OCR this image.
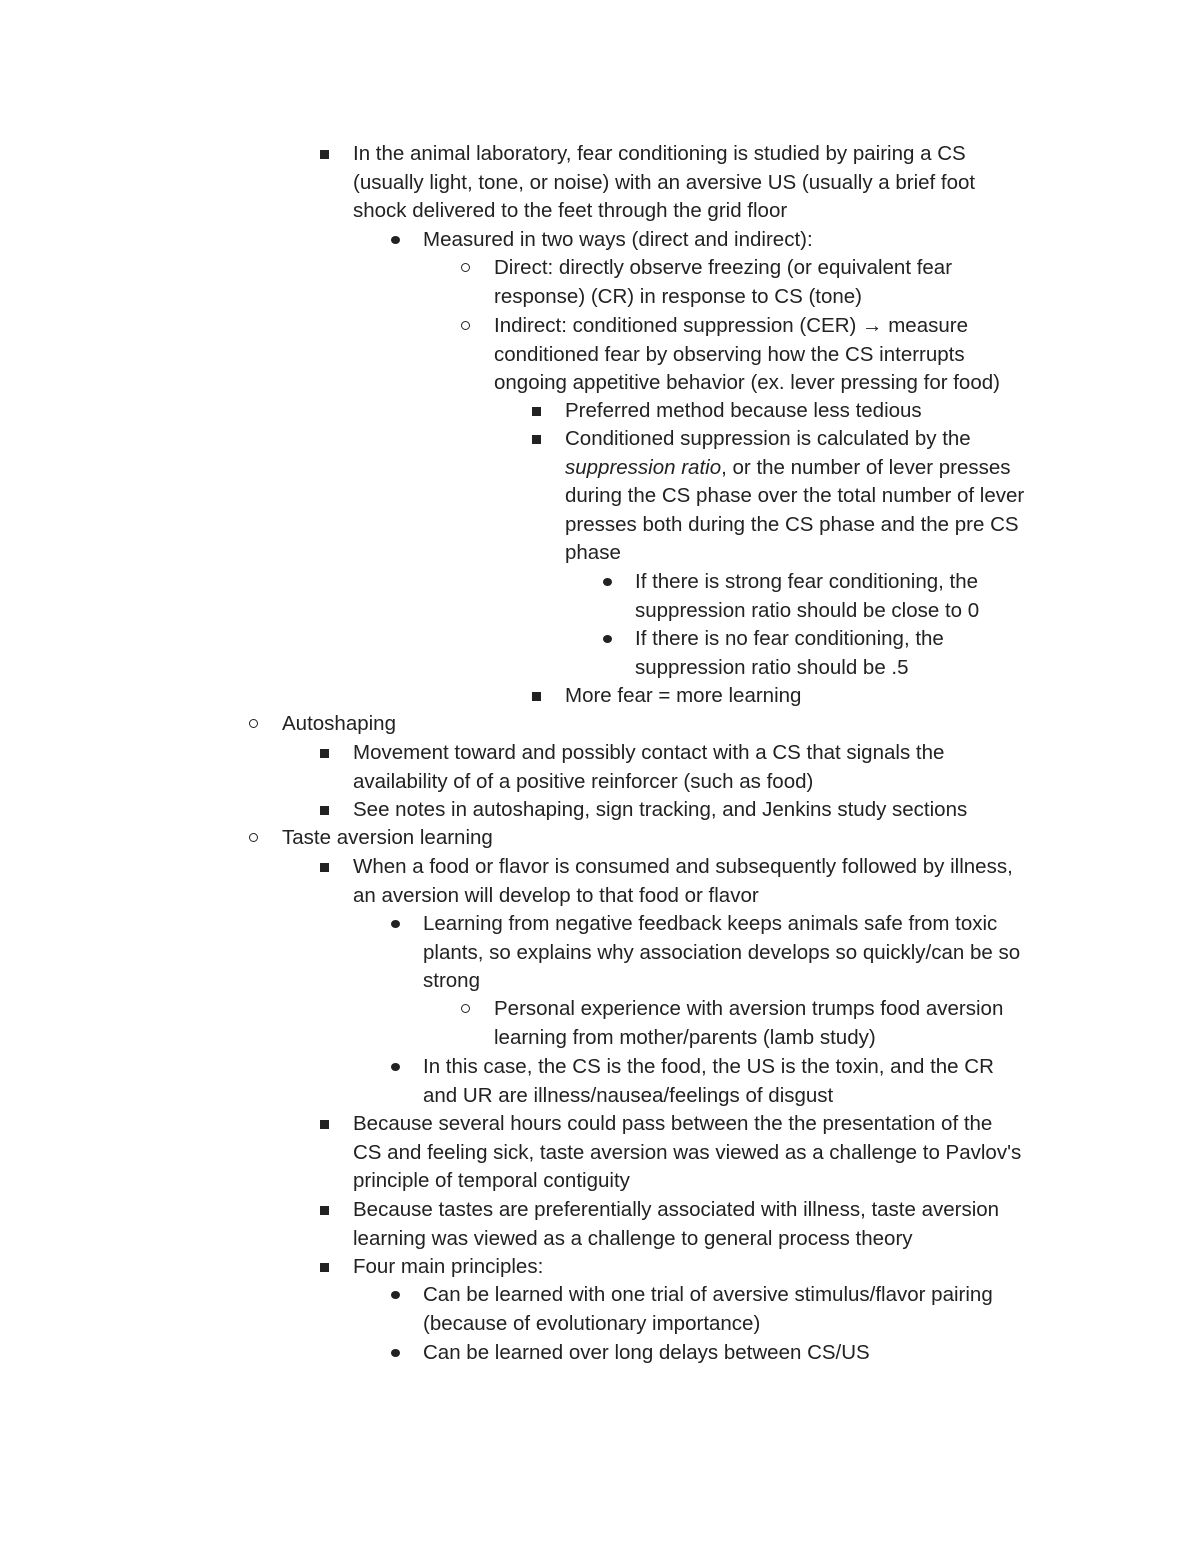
In the animal laboratory, fear conditioning is studied by pairing a CS
(usually light, tone, or noise) with an aversive US (usually a brief foot
shock delivered to the feet through the grid floor
Measured in two ways (direct and indirect):
Direct: directly observe freezing (or equivalent fear
response) (CR) in response to CS (tone)
Indirect: conditioned suppression (CER) → measure
conditioned fear by observing how the CS interrupts
ongoing appetitive behavior (ex. lever pressing for food)
Preferred method because less tedious
Conditioned suppression is calculated by the
suppression ratio, or the number of lever presses
during the CS phase over the total number of lever
presses both during the CS phase and the pre CS
phase
If there is strong fear conditioning, the
suppression ratio should be close to 0
If there is no fear conditioning, the
suppression ratio should be .5
More fear = more learning
Autoshaping
Movement toward and possibly contact with a CS that signals the
availability of of a positive reinforcer (such as food)
See notes in autoshaping, sign tracking, and Jenkins study sections
Taste aversion learning
When a food or flavor is consumed and subsequently followed by illness,
an aversion will develop to that food or flavor
Learning from negative feedback keeps animals safe from toxic
plants, so explains why association develops so quickly/can be so
strong
Personal experience with aversion trumps food aversion
learning from mother/parents (lamb study)
In this case, the CS is the food, the US is the toxin, and the CR
and UR are illness/nausea/feelings of disgust
Because several hours could pass between the the presentation of the
CS and feeling sick, taste aversion was viewed as a challenge to Pavlov's
principle of temporal contiguity
Because tastes are preferentially associated with illness, taste aversion
learning was viewed as a challenge to general process theory
Four main principles:
Can be learned with one trial of aversive stimulus/flavor pairing
(because of evolutionary importance)
Can be learned over long delays between CS/US
